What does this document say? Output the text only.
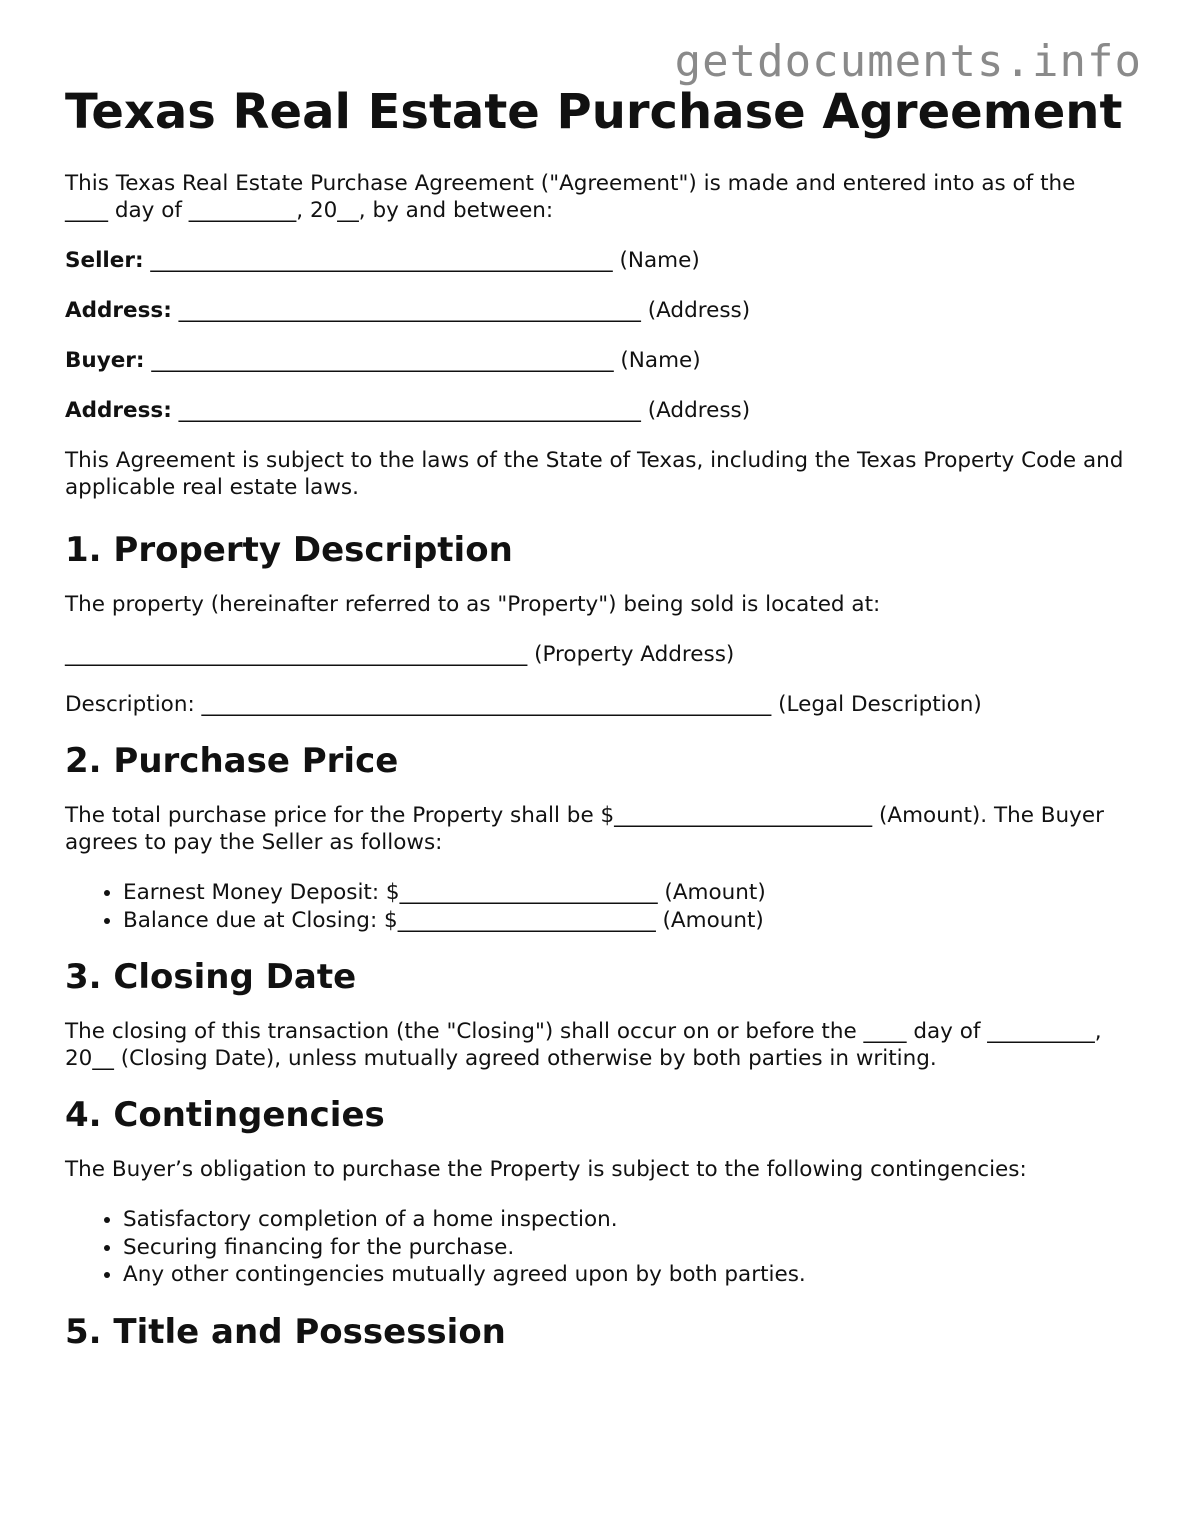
getdocuments.info
Texas Real Estate Purchase Agreement

This Texas Real Estate Purchase Agreement ("Agreement") is made and entered into as of the ____ day of __________, 20__, by and between:

Seller: ___________________________________________ (Name)

Address: ___________________________________________ (Address)

Buyer: ___________________________________________ (Name)

Address: ___________________________________________ (Address)

This Agreement is subject to the laws of the State of Texas, including the Texas Property Code and applicable real estate laws.

1. Property Description

The property (hereinafter referred to as "Property") being sold is located at:

___________________________________________ (Property Address)

Description: _____________________________________________________ (Legal Description)

2. Purchase Price

The total purchase price for the Property shall be $________________________ (Amount). The Buyer agrees to pay the Seller as follows:

• Earnest Money Deposit: $________________________ (Amount)
• Balance due at Closing: $________________________ (Amount)
3. Closing Date

The closing of this transaction (the "Closing") shall occur on or before the ____ day of __________, 20__ (Closing Date), unless mutually agreed otherwise by both parties in writing.

4. Contingencies

The Buyer’s obligation to purchase the Property is subject to the following contingencies:

• Satisfactory completion of a home inspection.
• Securing financing for the purchase.
• Any other contingencies mutually agreed upon by both parties.
5. Title and Possession
